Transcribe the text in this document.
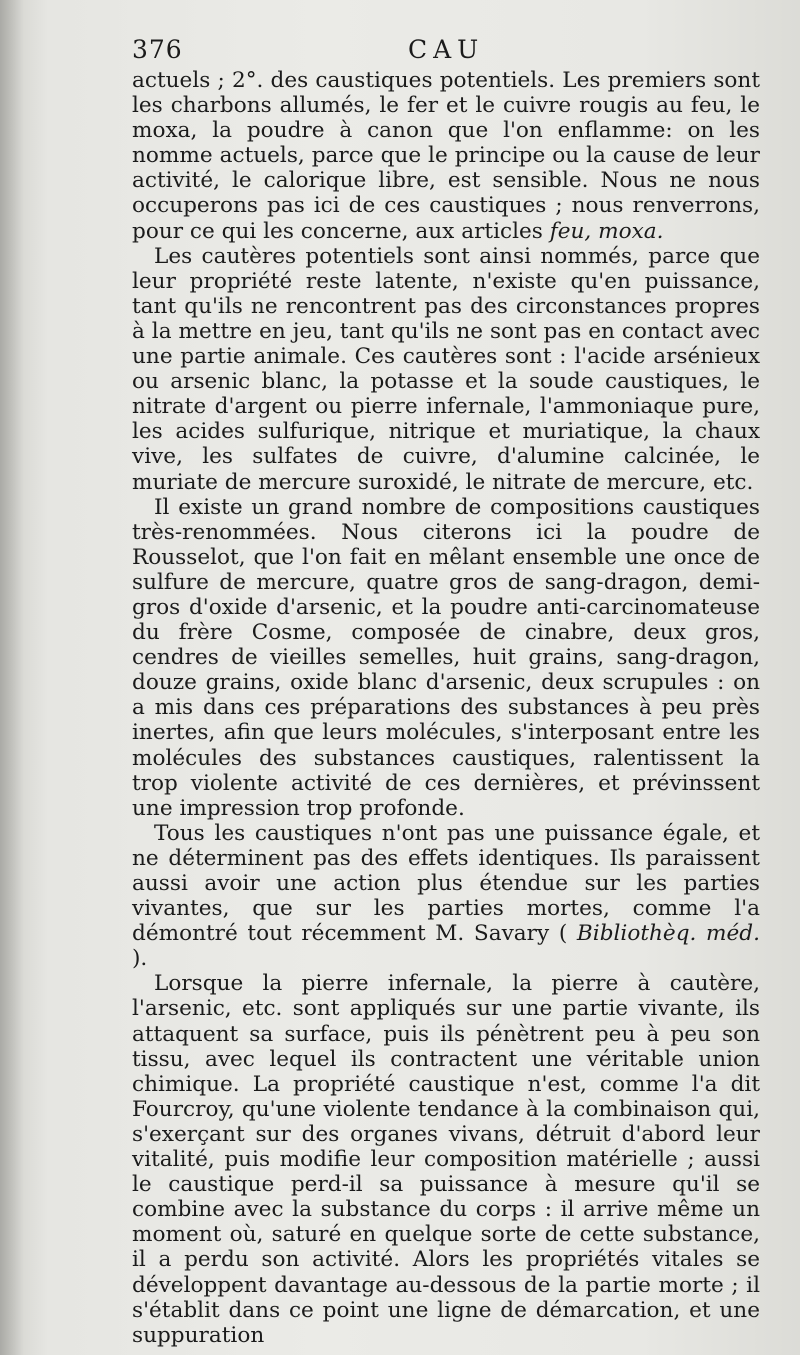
376	CAU

actuels ; 2°. des caustiques potentiels. Les premiers sont les charbons allumés, le fer et le cuivre rougis au feu, le moxa, la poudre à canon que l'on enflamme: on les nomme actuels, parce que le principe ou la cause de leur activité, le calorique libre, est sensible. Nous ne nous occuperons pas ici de ces caustiques ; nous renverrons, pour ce qui les concerne, aux articles feu, moxa.

Les cautères potentiels sont ainsi nommés, parce que leur propriété reste latente, n'existe qu'en puissance, tant qu'ils ne rencontrent pas des circonstances propres à la mettre en jeu, tant qu'ils ne sont pas en contact avec une partie animale. Ces cautères sont : l'acide arsénieux ou arsenic blanc, la potasse et la soude caustiques, le nitrate d'argent ou pierre infernale, l'ammoniaque pure, les acides sulfurique, nitrique et muriatique, la chaux vive, les sulfates de cuivre, d'alumine calcinée, le muriate de mercure suroxidé, le nitrate de mercure, etc.

Il existe un grand nombre de compositions caustiques très-renommées. Nous citerons ici la poudre de Rousselot, que l'on fait en mêlant ensemble une once de sulfure de mercure, quatre gros de sang-dragon, demi-gros d'oxide d'arsenic, et la poudre anti-carcinomateuse du frère Cosme, composée de cinabre, deux gros, cendres de vieilles semelles, huit grains, sang-dragon, douze grains, oxide blanc d'arsenic, deux scrupules : on a mis dans ces préparations des substances à peu près inertes, afin que leurs molécules, s'interposant entre les molécules des substances caustiques, ralentissent la trop violente activité de ces dernières, et prévinssent une impression trop profonde.

Tous les caustiques n'ont pas une puissance égale, et ne déterminent pas des effets identiques. Ils paraissent aussi avoir une action plus étendue sur les parties vivantes, que sur les parties mortes, comme l'a démontré tout récemment M. Savary ( Bibliothèq. méd. ).

Lorsque la pierre infernale, la pierre à cautère, l'arsenic, etc. sont appliqués sur une partie vivante, ils attaquent sa surface, puis ils pénètrent peu à peu son tissu, avec lequel ils contractent une véritable union chimique. La propriété caustique n'est, comme l'a dit Fourcroy, qu'une violente tendance à la combinaison qui, s'exerçant sur des organes vivans, détruit d'abord leur vitalité, puis modifie leur composition matérielle ; aussi le caustique perd-il sa puissance à mesure qu'il se combine avec la substance du corps : il arrive même un moment où, saturé en quelque sorte de cette substance, il a perdu son activité. Alors les propriétés vitales se développent davantage au-dessous de la partie morte ; il s'établit dans ce point une ligne de démarcation, et une suppuration
